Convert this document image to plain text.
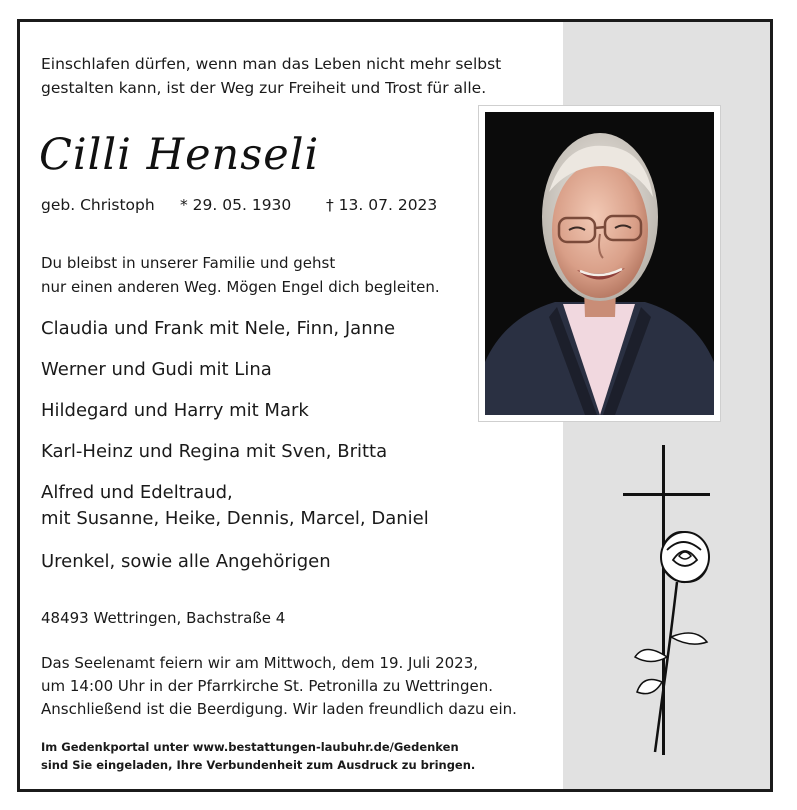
Einschlafen dürfen, wenn man das Leben nicht mehr selbst
gestalten kann, ist der Weg zur Freiheit und Trost für alle.
Cilli Henseli
geb. Christoph * 29. 05. 1930 † 13. 07. 2023
Du bleibst in unserer Familie und gehst
nur einen anderen Weg. Mögen Engel dich begleiten.
Claudia und Frank mit Nele, Finn, Janne
Werner und Gudi mit Lina
Hildegard und Harry mit Mark
Karl-Heinz und Regina mit Sven, Britta
Alfred und Edeltraud,
mit Susanne, Heike, Dennis, Marcel, Daniel
Urenkel, sowie alle Angehörigen
48493 Wettringen, Bachstraße 4
Das Seelenamt feiern wir am Mittwoch, dem 19. Juli 2023,
um 14:00 Uhr in der Pfarrkirche St. Petronilla zu Wettringen.
Anschließend ist die Beerdigung. Wir laden freundlich dazu ein.
Im Gedenkportal unter www.bestattungen-laubuhr.de/Gedenken
sind Sie eingeladen, Ihre Verbundenheit zum Ausdruck zu bringen.
